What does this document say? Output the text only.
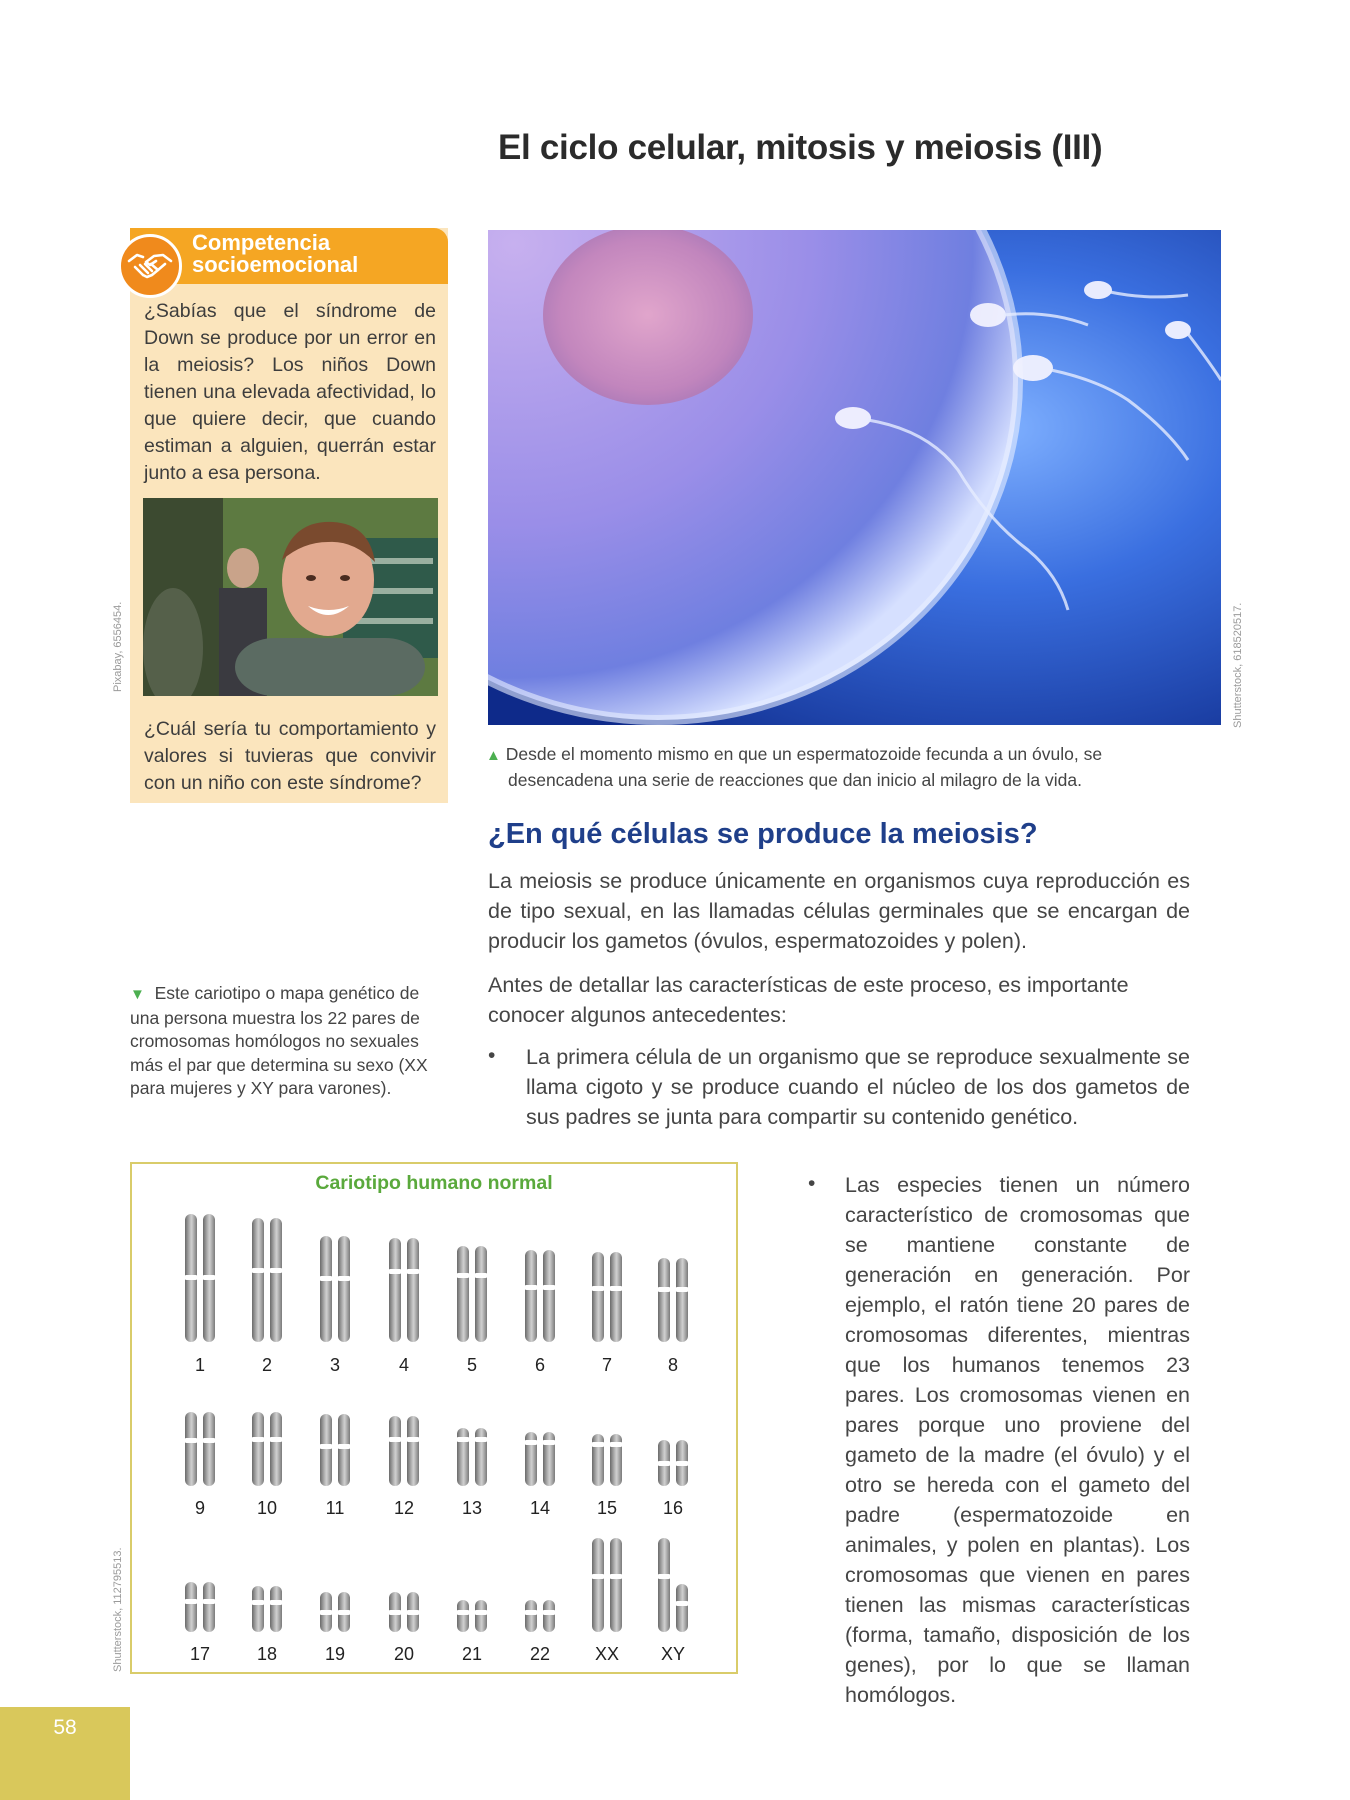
El ciclo celular, mitosis y meiosis (III)
Competencia
socioemocional
¿Sabías que el síndrome de Down se produce por un error en la meiosis? Los niños Down tienen una elevada afectividad, lo que quiere decir, que cuando estiman a alguien, querrán estar junto a esa persona.
Pixabay, 6556454.
¿Cuál sería tu comportamiento y valores si tuvieras que convivir con un niño con este síndrome?
Shutterstock, 618520517.
▲ Desde el momento mismo en que un espermatozoide fecunda a un óvulo, se
desencadena una serie de reacciones que dan inicio al milagro de la vida.
¿En qué células se produce la meiosis?
La meiosis se produce únicamente en organismos cuya reproducción es de tipo sexual, en las llamadas células germinales que se encargan de producir los gametos (óvulos, espermatozoides y polen).
Antes de detallar las características de este proceso, es importante conocer algunos antecedentes:
• La primera célula de un organismo que se reproduce sexualmente se llama cigoto y se produce cuando el núcleo de los dos gametos de sus padres se junta para compartir su contenido genético.
▼ Este cariotipo o mapa genético de una persona muestra los 22 pares de cromosomas homólogos no sexuales más el par que determina su sexo (XX para mujeres y XY para varones).
Cariotipo humano normal
1	2	3	4	5	6	7	8
9	10	11	12	13	14	15	16
17	18	19	20	21	22	XX	XY
Shutterstock, 112795513.
• Las especies tienen un número característico de cromosomas que se mantiene constante de generación en generación. Por ejemplo, el ratón tiene 20 pares de cromosomas diferentes, mientras que los humanos tenemos 23 pares. Los cromosomas vienen en pares porque uno proviene del gameto de la madre (el óvulo) y el otro se hereda con el gameto del padre (espermatozoide en animales, y polen en plantas). Los cromosomas que vienen en pares tienen las mismas características (forma, tamaño, disposición de los genes), por lo que se llaman homólogos.
58
